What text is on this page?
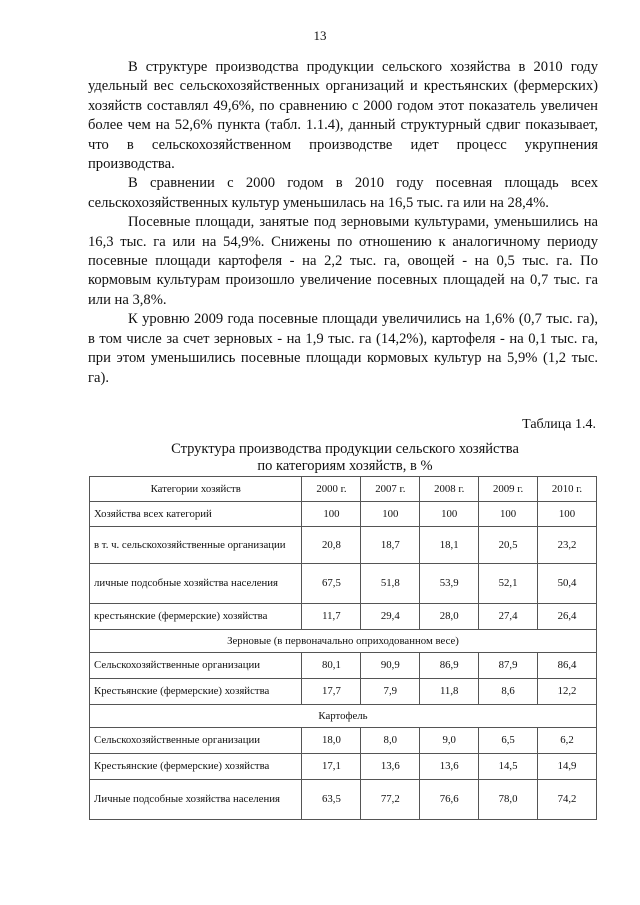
13

В структуре производства продукции сельского хозяйства в 2010 году удельный вес сельскохозяйственных организаций и крестьянских (фермерских) хозяйств составлял 49,6%, по сравнению с 2000 годом этот показатель увеличен более чем на 52,6% пункта (табл. 1.1.4), данный структурный сдвиг показывает, что в сельскохозяйственном производстве идет процесс укрупнения производства.

В сравнении с 2000 годом в 2010 году посевная площадь всех сельскохозяйственных культур уменьшилась на 16,5 тыс. га или на 28,4%.

Посевные площади, занятые под зерновыми культурами, уменьшились на 16,3 тыс. га или на 54,9%. Снижены по отношению к аналогичному периоду посевные площади картофеля - на 2,2 тыс. га, овощей - на 0,5 тыс. га. По кормовым культурам произошло увеличение посевных площадей на 0,7 тыс. га или на 3,8%.

К уровню 2009 года посевные площади увеличились на 1,6% (0,7 тыс. га), в том числе за счет зерновых - на 1,9 тыс. га (14,2%), картофеля - на 0,1 тыс. га, при этом уменьшились посевные площади кормовых культур на 5,9% (1,2 тыс. га).

Таблица 1.4.
Структура производства продукции сельского хозяйства
по категориям хозяйств, в %
Категории хозяйств	2000 г.	2007 г.	2008 г.	2009 г.	2010 г.
Хозяйства всех категорий	100	100	100	100	100
в т. ч. сельскохозяйственные организации	20,8	18,7	18,1	20,5	23,2
личные подсобные хозяйства населения	67,5	51,8	53,9	52,1	50,4
крестьянские (фермерские) хозяйства	11,7	29,4	28,0	27,4	26,4
Зерновые (в первоначально оприходованном весе)					
Сельскохозяйственные организации	80,1	90,9	86,9	87,9	86,4
Крестьянские (фермерские) хозяйства	17,7	7,9	11,8	8,6	12,2
Картофель					
Сельскохозяйственные организации	18,0	8,0	9,0	6,5	6,2
Крестьянские (фермерские) хозяйства	17,1	13,6	13,6	14,5	14,9
Личные подсобные хозяйства населения	63,5	77,2	76,6	78,0	74,2
